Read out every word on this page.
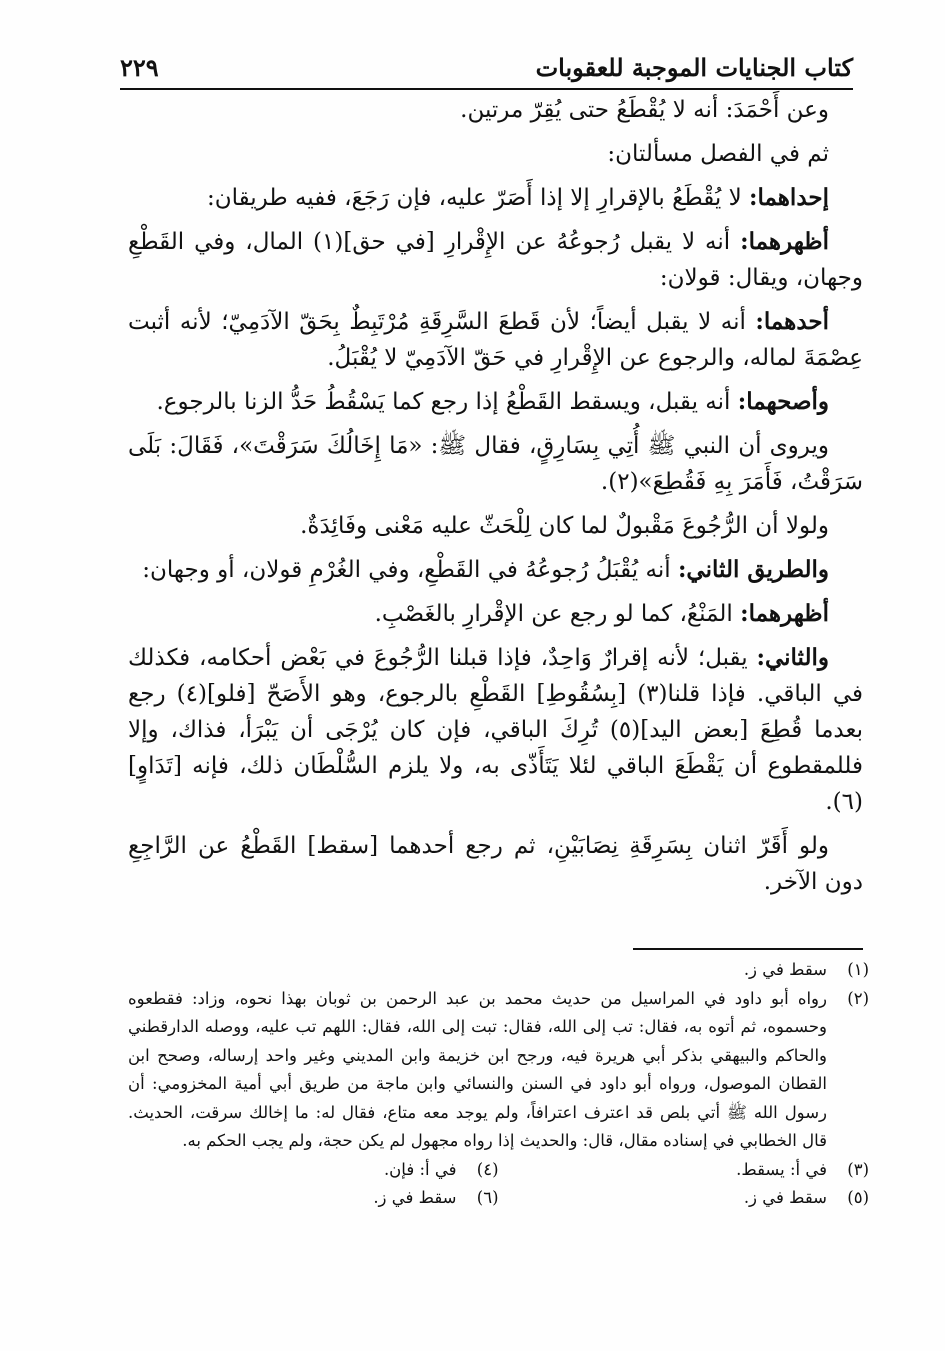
كتاب الجنايات الموجبة للعقوبات
٢٢٩

وعن أَحْمَدَ: أنه لا يُقْطَعُ حتى يُقِرّ مرتين.

ثم في الفصل مسألتان:

إحداهما: لا يُقْطَعُ بالإقرارِ إلا إذا أَصَرّ عليه، فإن رَجَعَ، ففيه طريقان:

أظهرهما: أنه لا يقبل رُجوعُهُ عن الإِقْرارِ [في حق](١) المال، وفي القَطْعِ وجهان، ويقال: قولان:

أحدهما: أنه لا يقبل أيضاً؛ لأن قَطعَ السَّرِقَةِ مُرْتَبِطٌ بِحَقّ الآدَمِيّ؛ لأنه أثبت عِصْمَةَ لماله، والرجوع عن الإِقْرارِ في حَقّ الآدَمِيّ لا يُقْبَلُ.

وأصحهما: أنه يقبل، ويسقط القَطْعُ إذا رجع كما يَسْقُطُ حَدُّ الزنا بالرجوع.

ويروى أن النبي ﷺ أُتِي بِسَارِقٍ، فقال ﷺ: «مَا إِخَالُكَ سَرَقْتَ»، فَقَالَ: بَلَى سَرَقْتُ، فَأَمَرَ بِهِ فَقُطِعَ»(٢).

ولولا أن الرُّجُوعَ مَقْبولٌ لما كان لِلْحَثّ عليه مَعْنى وفَائِدَةٌ.

والطريق الثاني: أنه يُقْبَلُ رُجوعُهُ في القَطْعِ، وفي الغُرْمِ قولان، أو وجهان:

أظهرهما: المَنْعُ، كما لو رجع عن الإقْرارِ بالغَصْبِ.

والثاني: يقبل؛ لأنه إقرارٌ وَاحِدٌ، فإذا قبلنا الرُّجُوعَ في بَعْض أحكامه، فكذلك في الباقي. فإذا قلنا(٣) [بِسُقُوطِ] القَطْعِ بالرجوع، وهو الأَصَحّ [فلو](٤) رجع بعدما قُطِعَ [بعض اليد](٥) تُرِكَ الباقي، فإن كان يُرْجَى أن يَبْرَأ، فذاك، وإلا فللمقطوع أن يَقْطَعَ الباقي لئلا يَتَأَذّى به، ولا يلزم السُّلْطَان ذلك، فإنه [تَدَاوٍ](٦).

ولو أَقَرّ اثنان بِسَرِقَةِ نِصَابَيْنِ، ثم رجع أحدهما [سقط] القَطْعُ عن الرَّاجِعِ دون الآخر.

(١)
سقط في ز.
(٢)
رواه أبو داود في المراسيل من حديث محمد بن عبد الرحمن بن ثوبان بهذا نحوه، وزاد: فقطعوه وحسموه، ثم أتوه به، فقال: تب إلى الله، فقال: تبت إلى الله، فقال: اللهم تب عليه، ووصله الدارقطني والحاكم والبيهقي بذكر أبي هريرة فيه، ورجح ابن خزيمة وابن المديني وغير واحد إرساله، وصحح ابن القطان الموصول، ورواه أبو داود في السنن والنسائي وابن ماجة من طريق أبي أمية المخزومي: أن رسول الله ﷺ أتي بلص قد اعترف اعترافاً، ولم يوجد معه متاع، فقال له: ما إخالك سرقت، الحديث. قال الخطابي في إسناده مقال، قال: والحديث إذا رواه مجهول لم يكن حجة، ولم يجب الحكم به.
(٣)
في أ: يسقط.
(٤)
في أ: فإن.
(٥)
سقط في ز.
(٦)
سقط في ز.
